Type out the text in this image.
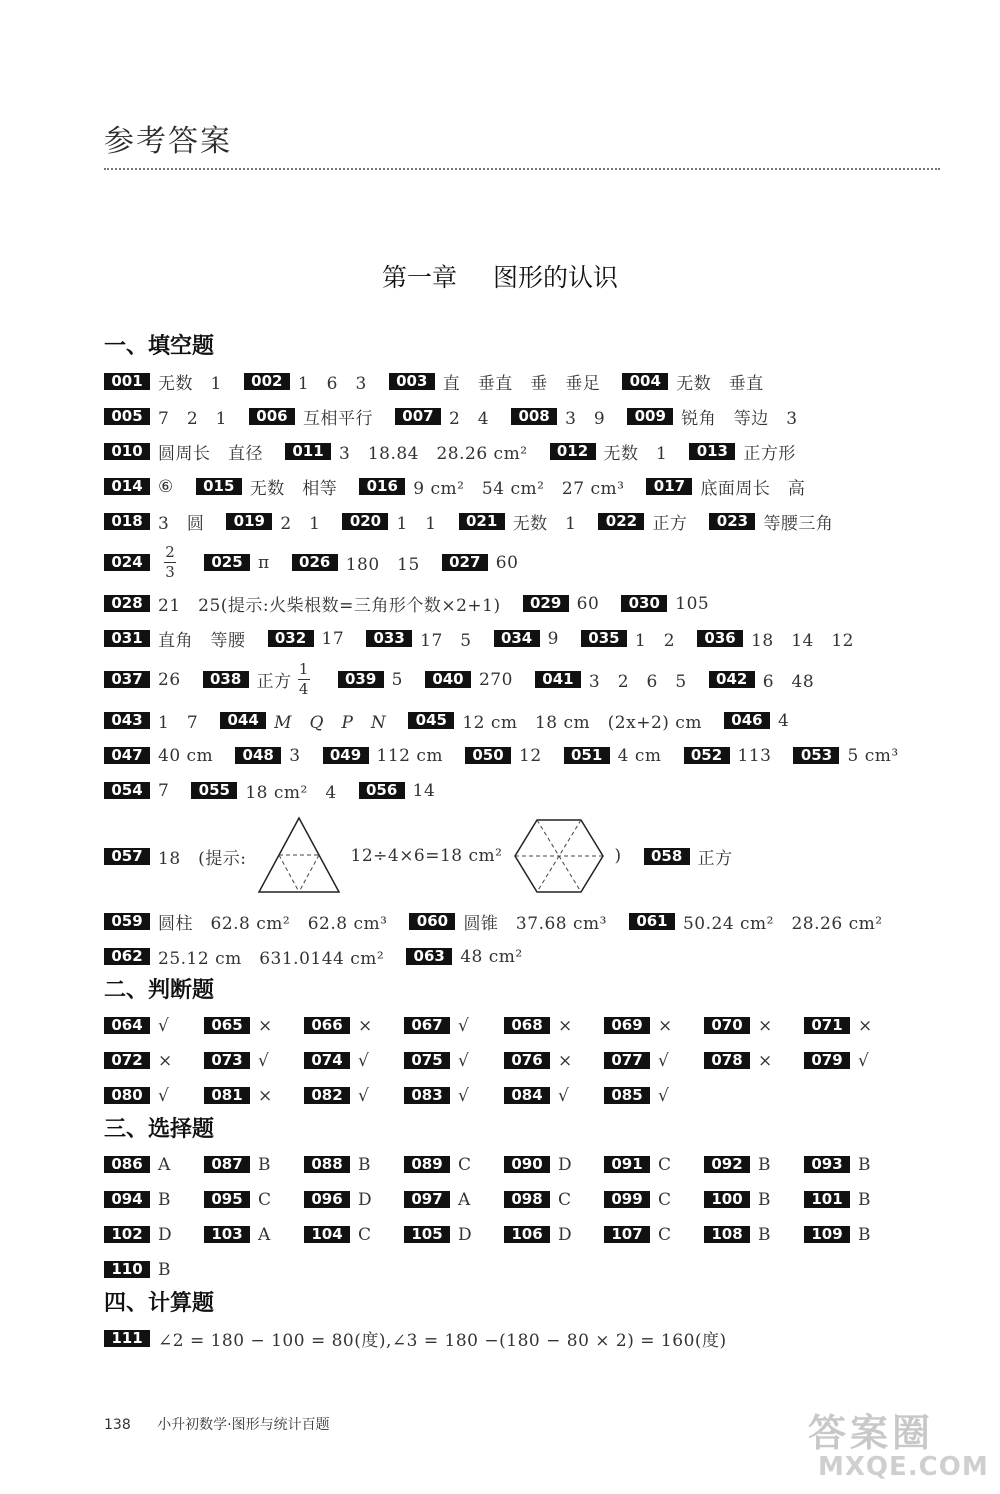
参考答案
第一章 图形的认识
一、填空题
001 无数　1	002 1　6　3	003 直　垂直　垂　垂足	004 无数　垂直
005 7　2　1	006 互相平行	007 2　4	008 3　9	009 锐角　等边　3
010 圆周长　直径	011 3　18.84　28.26 cm²	012 无数　1	013 正方形
014 ⑥	015 无数　相等	016 9 cm²　54 cm²　27 cm³	017 底面周长　高
018 3　圆	019 2　1	020 1　1	021 无数　1	022 正方	023 等腰三角
024	$\frac{2}{3}$	025 π	026 180　15	027 60
028 21　25(提示:火柴根数=三角形个数×2+1)	029 60	030 105
031 直角　等腰	032 17	033 17　5	034 9	035 1　2	036 18　14　12
037 26	038 正方 $\frac{1}{4}$	039 5	040 270	041 3　2　6　5	042 6　48
043 1　7	044 M　Q　P　N	045 12 cm　18 cm　(2x+2) cm	046 4
047 40 cm	048 3	049 112 cm	050 12	051 4 cm	052 113	053 5 cm³
054 7	055 18 cm²　4	056 14
057 18　(提示:	12÷4×6=18 cm²	)	058 正方
059 圆柱　62.8 cm²　62.8 cm³	060 圆锥　37.68 cm³	061 50.24 cm²　28.26 cm²
062 25.12 cm　631.0144 cm²	063 48 cm²
二、判断题
064 √	065 ×	066 ×	067 √	068 ×	069 ×	070 ×	071 ×
072 ×	073 √	074 √	075 √	076 ×	077 √	078 ×	079 √
080 √	081 ×	082 √	083 √	084 √	085 √
三、选择题
086 A	087 B	088 B	089 C	090 D	091 C	092 B	093 B
094 B	095 C	096 D	097 A	098 C	099 C	100 B	101 B
102 D	103 A	104 C	105 D	106 D	107 C	108 B	109 B
110 B
四、计算题
111 ∠2 = 180 − 100 = 80(度),∠3 = 180 −(180 − 80 × 2) = 160(度)
138 小升初数学·图形与统计百题	答案圈
MXQE.COM
